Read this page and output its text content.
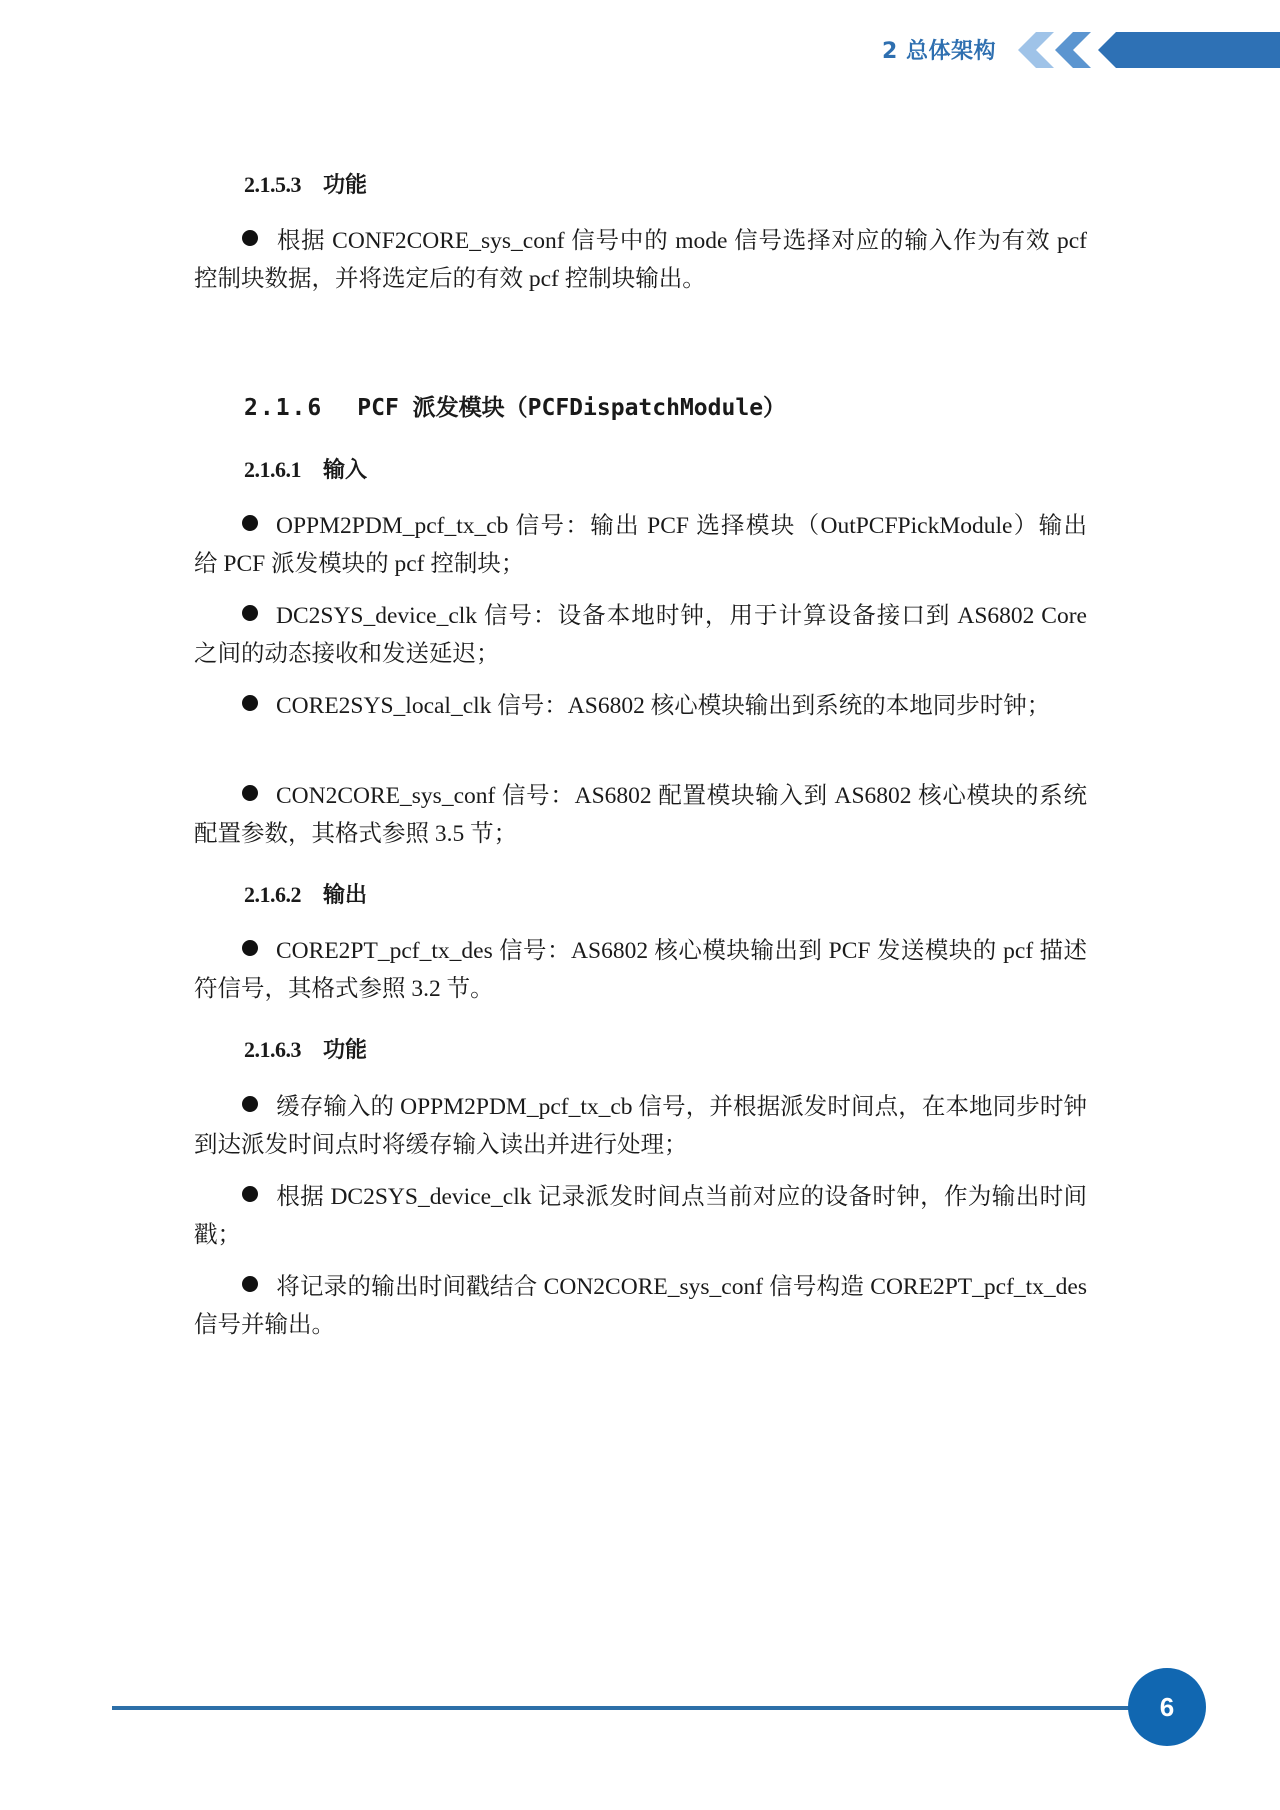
2 总体架构
2.1.5.3 功能
根据 CONF2CORE_sys_conf 信号中的 mode 信号选择对应的输入作为有效 pcf 控制块数据，并将选定后的有效 pcf 控制块输出。
2.1.6 PCF 派发模块（PCFDispatchModule）
2.1.6.1 输入
OPPM2PDM_pcf_tx_cb 信号：输出 PCF 选择模块（OutPCFPickModule）输出给 PCF 派发模块的 pcf 控制块；
DC2SYS_device_clk 信号：设备本地时钟，用于计算设备接口到 AS6802 Core 之间的动态接收和发送延迟；
CORE2SYS_local_clk 信号：AS6802 核心模块输出到系统的本地同步时钟；
CON2CORE_sys_conf 信号：AS6802 配置模块输入到 AS6802 核心模块的系统配置参数，其格式参照 3.5 节；
2.1.6.2 输出
CORE2PT_pcf_tx_des 信号：AS6802 核心模块输出到 PCF 发送模块的 pcf 描述符信号，其格式参照 3.2 节。
2.1.6.3 功能
缓存输入的 OPPM2PDM_pcf_tx_cb 信号，并根据派发时间点，在本地同步时钟到达派发时间点时将缓存输入读出并进行处理；
根据 DC2SYS_device_clk 记录派发时间点当前对应的设备时钟，作为输出时间戳；
将记录的输出时间戳结合 CON2CORE_sys_conf 信号构造 CORE2PT_pcf_tx_des 信号并输出。
6
